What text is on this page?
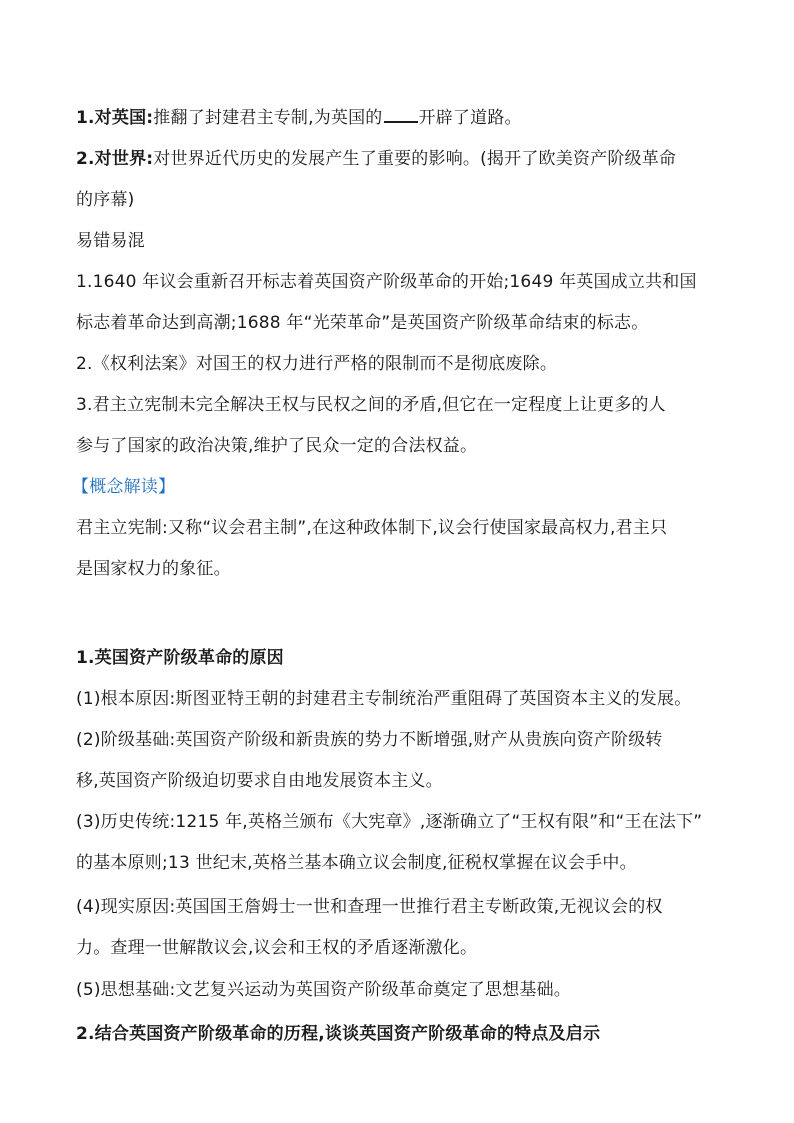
1.对英国:推翻了封建君主专制,为英国的 开辟了道路。
2.对世界:对世界近代历史的发展产生了重要的影响。(揭开了欧美资产阶级革命
的序幕)
易错易混
1.1640 年议会重新召开标志着英国资产阶级革命的开始;1649 年英国成立共和国
标志着革命达到高潮;1688 年“光荣革命”是英国资产阶级革命结束的标志。
2.《权利法案》对国王的权力进行严格的限制而不是彻底废除。
3.君主立宪制未完全解决王权与民权之间的矛盾,但它在一定程度上让更多的人
参与了国家的政治决策,维护了民众一定的合法权益。
【概念解读】
君主立宪制:又称“议会君主制”,在这种政体制下,议会行使国家最高权力,君主只
是国家权力的象征。
1.英国资产阶级革命的原因
(1)根本原因:斯图亚特王朝的封建君主专制统治严重阻碍了英国资本主义的发展。
(2)阶级基础:英国资产阶级和新贵族的势力不断增强,财产从贵族向资产阶级转
移,英国资产阶级迫切要求自由地发展资本主义。
(3)历史传统:1215 年,英格兰颁布《大宪章》,逐渐确立了“王权有限”和“王在法下”
的基本原则;13 世纪末,英格兰基本确立议会制度,征税权掌握在议会手中。
(4)现实原因:英国国王詹姆士一世和查理一世推行君主专断政策,无视议会的权
力。查理一世解散议会,议会和王权的矛盾逐渐激化。
(5)思想基础:文艺复兴运动为英国资产阶级革命奠定了思想基础。
2.结合英国资产阶级革命的历程,谈谈英国资产阶级革命的特点及启示
